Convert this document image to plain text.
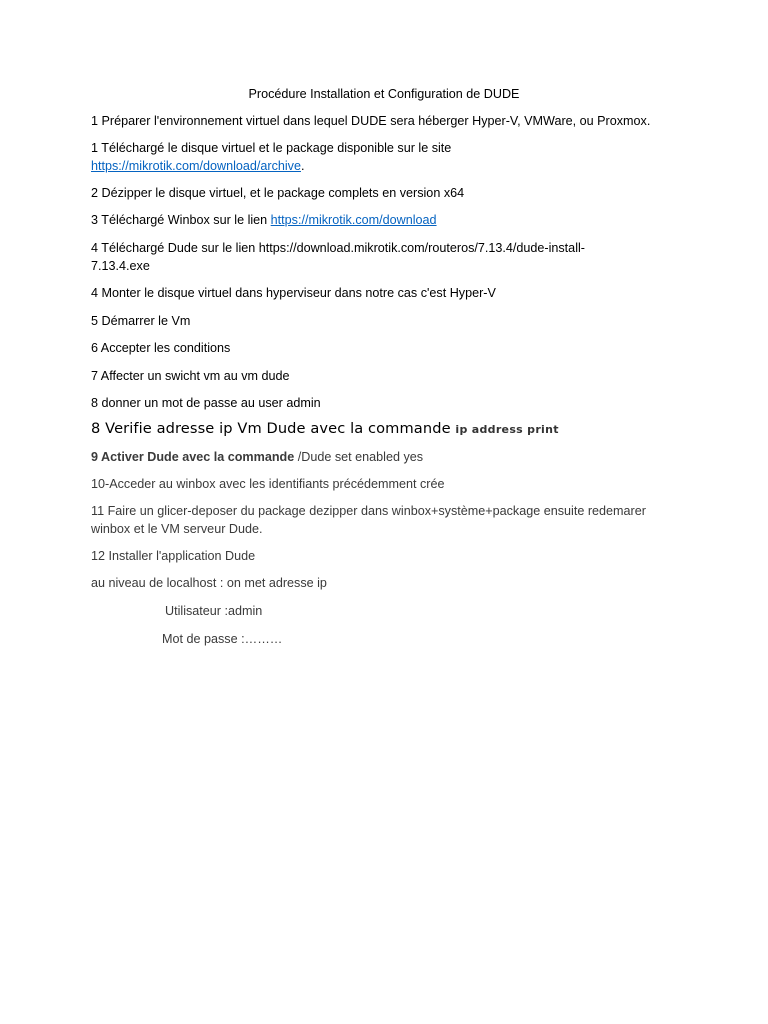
Procédure Installation et Configuration de DUDE
1 Préparer l'environnement virtuel dans lequel DUDE sera héberger Hyper-V, VMWare, ou Proxmox.
1 Téléchargé le disque virtuel et le package disponible sur le site
https://mikrotik.com/download/archive.
2 Dézipper le disque virtuel, et le package complets en version x64
3 Téléchargé Winbox sur le lien https://mikrotik.com/download
4 Téléchargé Dude sur le lien https://download.mikrotik.com/routeros/7.13.4/dude-install-
7.13.4.exe
4 Monter le disque virtuel dans hyperviseur dans notre cas c'est Hyper-V
5 Démarrer le Vm
6 Accepter les conditions
7 Affecter un swicht vm au vm dude
8 donner un mot de passe au user admin
8 Verifie adresse ip Vm Dude avec la commande ip address print
9 Activer Dude avec la commande /Dude set enabled yes
10-Acceder au winbox avec les identifiants précédemment crée
11 Faire un glicer-deposer du package dezipper dans winbox+système+package ensuite redemarer
winbox et le VM serveur Dude.
12 Installer l'application Dude
au niveau de localhost : on met adresse ip
Utilisateur :admin
Mot de passe :………
